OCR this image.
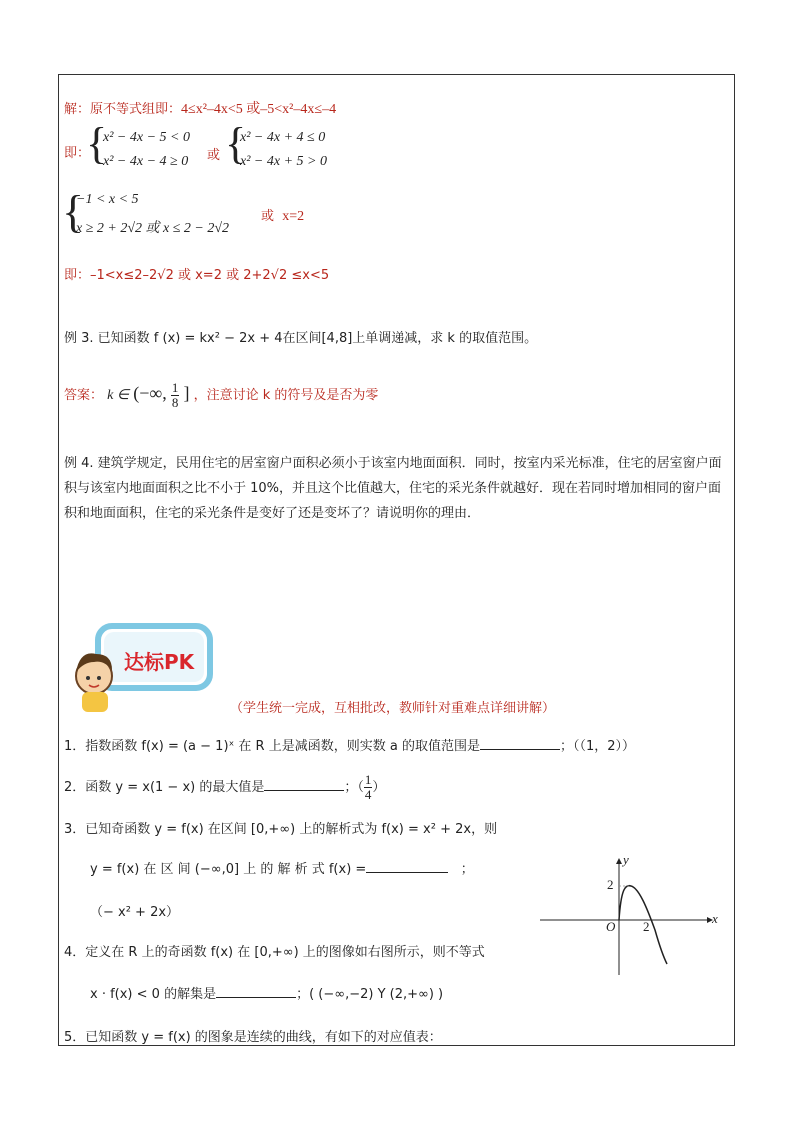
解：原不等式组即：4≤x²–4x<5 或–5<x²–4x≤–4
即：
{
x² − 4x − 5 < 0
x² − 4x − 4 ≥ 0 或 {
x² − 4x + 4 ≤ 0
x² − 4x + 5 > 0
{
−1 < x < 5
x ≥ 2 + 2√2 或 x ≤ 2 − 2√2
或 x=2
即：–1<x≤2–2√2 或 x=2 或 2+2√2 ≤x<5
例 3. 已知函数 f (x) = kx² − 2x + 4在区间[4,8]上单调递减，求 k 的取值范围。
答案： k ∈ (−∞, $\frac{1}{8}$ ] ，注意讨论 k 的符号及是否为零
例 4. 建筑学规定，民用住宅的居室窗户面积必须小于该室内地面面积．同时，按室内采光标准，住宅的居室窗户面积与该室内地面面积之比不小于 10%，并且这个比值越大，住宅的采光条件就越好．现在若同时增加相同的窗户面积和地面面积，住宅的采光条件是变好了还是变坏了？请说明你的理由．
达标PK
（学生统一完成，互相批改，教师针对重难点详细讲解）
1．指数函数 f(x) = (a − 1)ˣ 在 R 上是减函数，则实数 a 的取值范围是	；（（1，2））
2．函数 y = x(1 − x) 的最大值是	；（ $\frac{1}{4}$ ）
3．已知奇函数 y = f(x) 在区间 [0,+∞) 上的解析式为 f(x) = x² + 2x，则
y = f(x) 在 区 间 (−∞,0] 上 的 解 析 式 f(x) =	；
（− x² + 2x）
4．定义在 R 上的奇函数 f(x) 在 [0,+∞) 上的图像如右图所示，则不等式
x · f(x) < 0 的解集是	；( (−∞,−2) Y (2,+∞) )
5．已知函数 y = f(x) 的图象是连续的曲线，有如下的对应值表：
y
x
O
2
2
